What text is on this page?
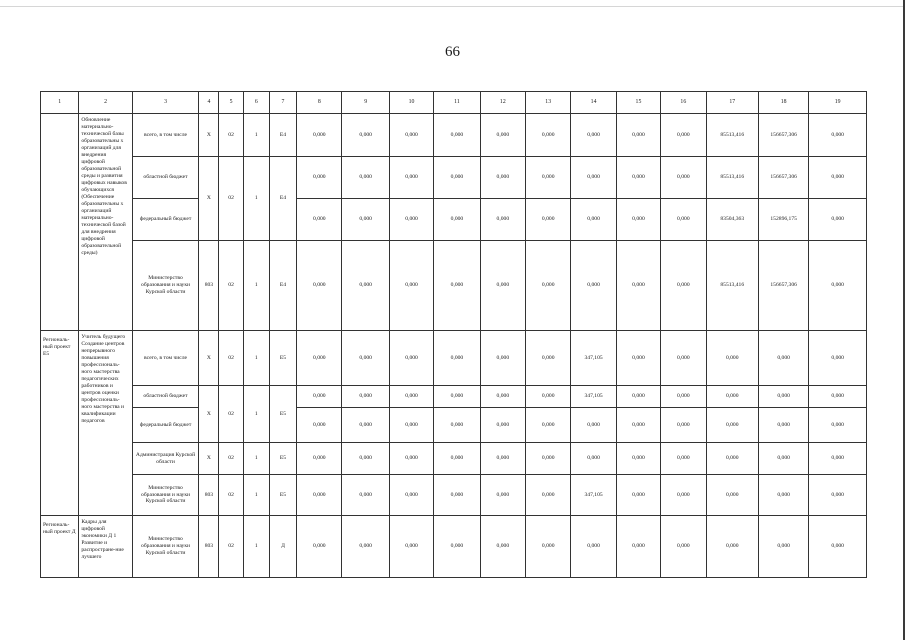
66
1	2	3	4	5	6	7	8	9	10	11	12	13	14	15	16	17	18	19
	Обновление материально-технической базы образовательны х организаций для внедрения цифровой образовательной среды и развития цифровых навыков обучающихся (Обеспечение образовательны х организаций материально-технической базой для внедрения цифровой образовательной среды)	всего, в том числе	Х	02	1	Е4	0,000	0,000	0,000	0,000	0,000	0,000	0,000	0,000	0,000	85513,416	156657,306	0,000
		областной бюджет	Х	02	1	Е4	0,000	0,000	0,000	0,000	0,000	0,000	0,000	0,000	0,000	85513,416	156657,306	0,000
		федеральный бюджет					0,000	0,000	0,000	0,000	0,000	0,000	0,000	0,000	0,000	83504,363	152896,175	0,000
		Министерство образования и науки Курской области	803	02	1	Е4	0,000	0,000	0,000	0,000	0,000	0,000	0,000	0,000	0,000	85513,416	156657,306	0,000
Региональ-ный проект Е5	Учитель будущего Создание центров непрерывного повышения профессиональ-ного мастерства педагогических работников и центров оценки профессиональ-ного мастерства и квалификации педагогов	всего, в том числе	Х	02	1	Е5	0,000	0,000	0,000	0,000	0,000	0,000	347,105	0,000	0,000	0,000	0,000	0,000
		областной бюджет	Х	02	1	Е5	0,000	0,000	0,000	0,000	0,000	0,000	347,105	0,000	0,000	0,000	0,000	0,000
		федеральный бюджет					0,000	0,000	0,000	0,000	0,000	0,000	0,000	0,000	0,000	0,000	0,000	0,000
		Администрация Курской области	Х	02	1	Е5	0,000	0,000	0,000	0,000	0,000	0,000	0,000	0,000	0,000	0,000	0,000	0,000
		Министерство образования и науки Курской области	803	02	1	Е5	0,000	0,000	0,000	0,000	0,000	0,000	347,105	0,000	0,000	0,000	0,000	0,000
Региональ-ный проект Д	Кадры для цифровой экономики Д 1 Развитие и распростране-ние лучшего	Министерство образования и науки Курской области	803	02	1	Д	0,000	0,000	0,000	0,000	0,000	0,000	0,000	0,000	0,000	0,000	0,000	0,000
